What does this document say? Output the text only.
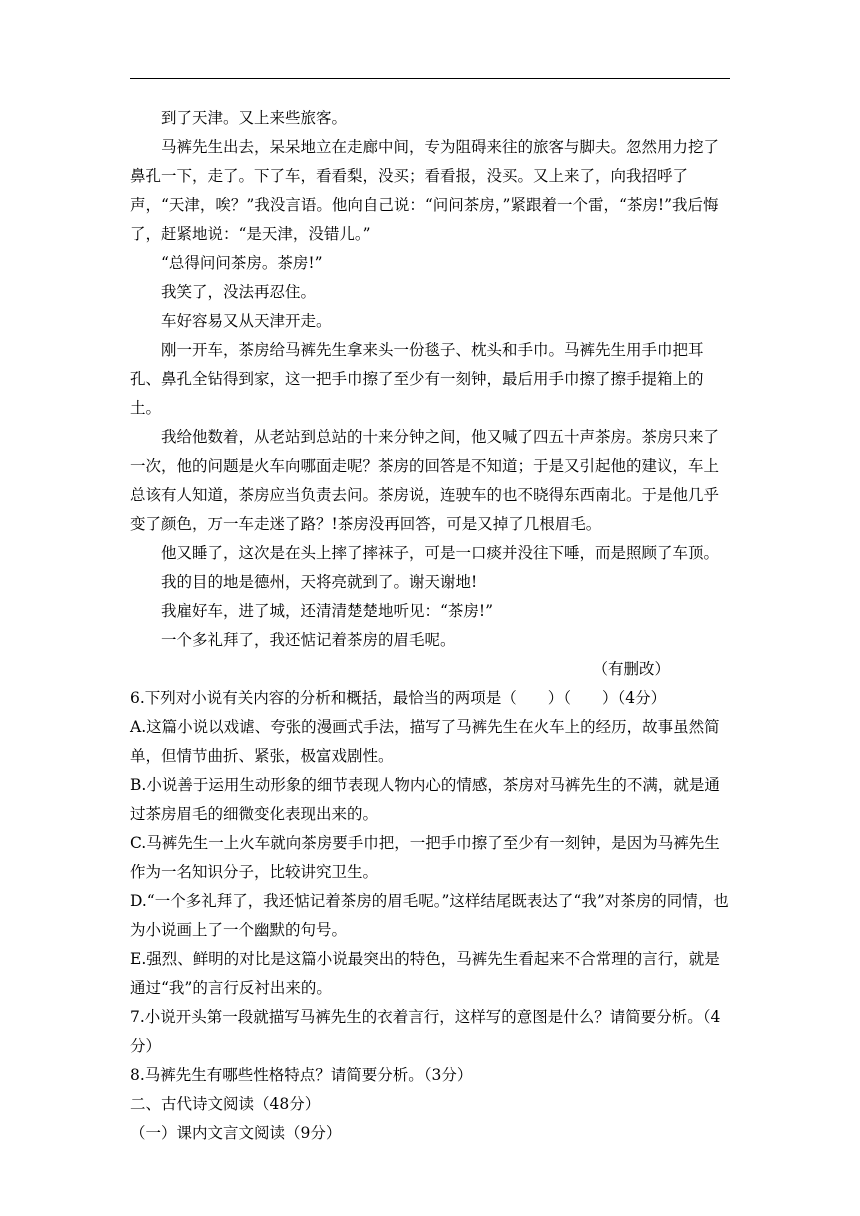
到了天津。又上来些旅客。

马裤先生出去，呆呆地立在走廊中间，专为阻碍来往的旅客与脚夫。忽然用力挖了鼻孔一下，走了。下了车，看看梨，没买；看看报，没买。又上来了，向我招呼了声，“天津，唉？”我没言语。他向自己说：“问问茶房，”紧跟着一个雷，“茶房!”我后悔了，赶紧地说：“是天津，没错儿。”

“总得问问茶房。茶房!”

我笑了，没法再忍住。

车好容易又从天津开走。

刚一开车，茶房给马裤先生拿来头一份毯子、枕头和手巾。马裤先生用手巾把耳孔、鼻孔全钻得到家，这一把手巾擦了至少有一刻钟，最后用手巾擦了擦手提箱上的土。

我给他数着，从老站到总站的十来分钟之间，他又喊了四五十声茶房。茶房只来了一次，他的问题是火车向哪面走呢？茶房的回答是不知道；于是又引起他的建议，车上总该有人知道，茶房应当负责去问。茶房说，连驶车的也不晓得东西南北。于是他几乎变了颜色，万一车走迷了路？!茶房没再回答，可是又掉了几根眉毛。

他又睡了，这次是在头上摔了摔袜子，可是一口痰并没往下唾，而是照顾了车顶。

我的目的地是德州，天将亮就到了。谢天谢地!

我雇好车，进了城，还清清楚楚地听见：“茶房!”

一个多礼拜了，我还惦记着茶房的眉毛呢。

（有删改）

6.下列对小说有关内容的分析和概括，最恰当的两项是（　　）（　　）（4分）

A.这篇小说以戏谑、夸张的漫画式手法，描写了马裤先生在火车上的经历，故事虽然简单，但情节曲折、紧张，极富戏剧性。

B.小说善于运用生动形象的细节表现人物内心的情感，茶房对马裤先生的不满，就是通过茶房眉毛的细微变化表现出来的。

C.马裤先生一上火车就向茶房要手巾把，一把手巾擦了至少有一刻钟，是因为马裤先生作为一名知识分子，比较讲究卫生。

D.“一个多礼拜了，我还惦记着茶房的眉毛呢。”这样结尾既表达了“我”对茶房的同情，也为小说画上了一个幽默的句号。

E.强烈、鲜明的对比是这篇小说最突出的特色，马裤先生看起来不合常理的言行，就是通过“我”的言行反衬出来的。

7.小说开头第一段就描写马裤先生的衣着言行，这样写的意图是什么？请简要分析。（4分）

8.马裤先生有哪些性格特点？请简要分析。（3分）

二、古代诗文阅读（48分）

（一）课内文言文阅读（9分）
